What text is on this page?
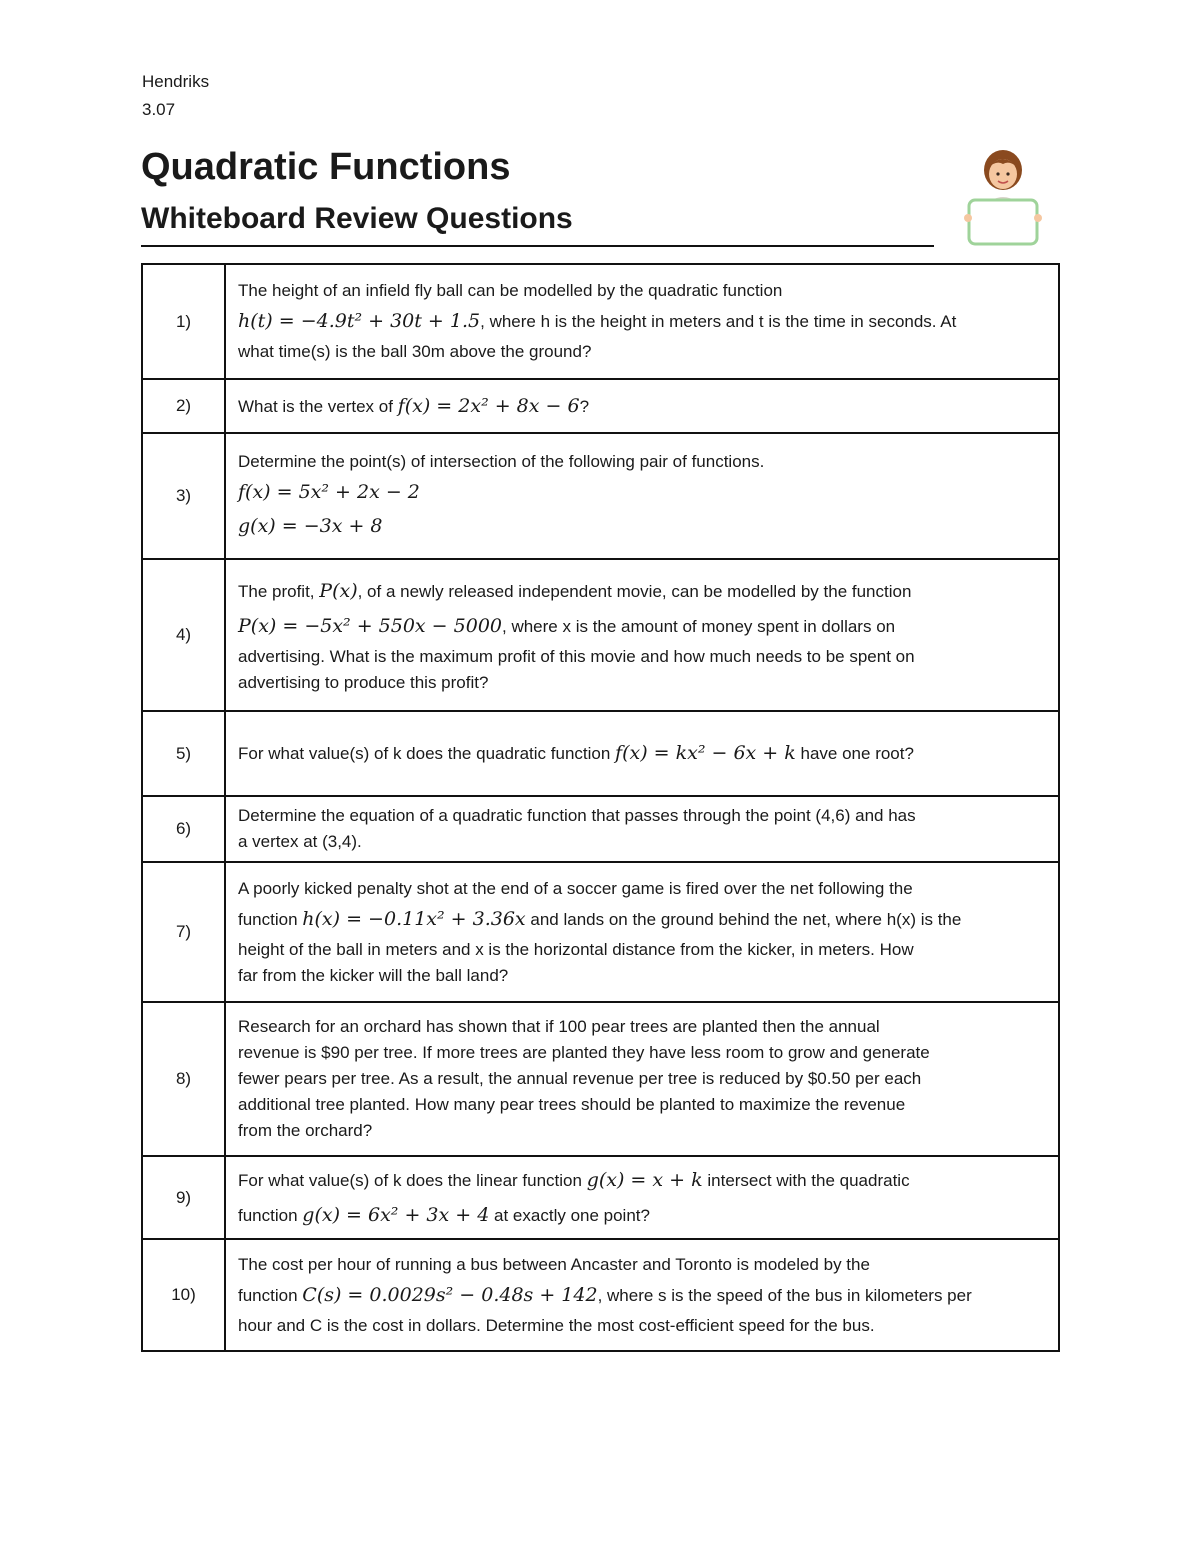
Hendriks
3.07
Quadratic Functions
Whiteboard Review Questions
1)	The height of an infield fly ball can be modelled by the quadratic function
h(t) = −4.9t² + 30t + 1.5, where h is the height in meters and t is the time in seconds. At
what time(s) is the ball 30m above the ground?

2)	What is the vertex of f(x) = 2x² + 8x − 6?
3)	Determine the point(s) of intersection of the following pair of functions.
f(x) = 5x² + 2x − 2
g(x) = −3x + 8

4)	The profit, P(x), of a newly released independent movie, can be modelled by the function
P(x) = −5x² + 550x − 5000, where x is the amount of money spent in dollars on
advertising. What is the maximum profit of this movie and how much needs to be spent on
advertising to produce this profit?

5)	For what value(s) of k does the quadratic function f(x) = kx² − 6x + k have one root?
6)	Determine the equation of a quadratic function that passes through the point (4,6) and has
a vertex at (3,4).

7)	A poorly kicked penalty shot at the end of a soccer game is fired over the net following the
function h(x) = −0.11x² + 3.36x and lands on the ground behind the net, where h(x) is the
height of the ball in meters and x is the horizontal distance from the kicker, in meters. How
far from the kicker will the ball land?

8)	Research for an orchard has shown that if 100 pear trees are planted then the annual
revenue is $90 per tree. If more trees are planted they have less room to grow and generate
fewer pears per tree. As a result, the annual revenue per tree is reduced by $0.50 per each
additional tree planted. How many pear trees should be planted to maximize the revenue
from the orchard?

9)	For what value(s) of k does the linear function g(x) = x + k intersect with the quadratic
function g(x) = 6x² + 3x + 4 at exactly one point?

10)	The cost per hour of running a bus between Ancaster and Toronto is modeled by the
function C(s) = 0.0029s² − 0.48s + 142, where s is the speed of the bus in kilometers per
hour and C is the cost in dollars. Determine the most cost-efficient speed for the bus.
